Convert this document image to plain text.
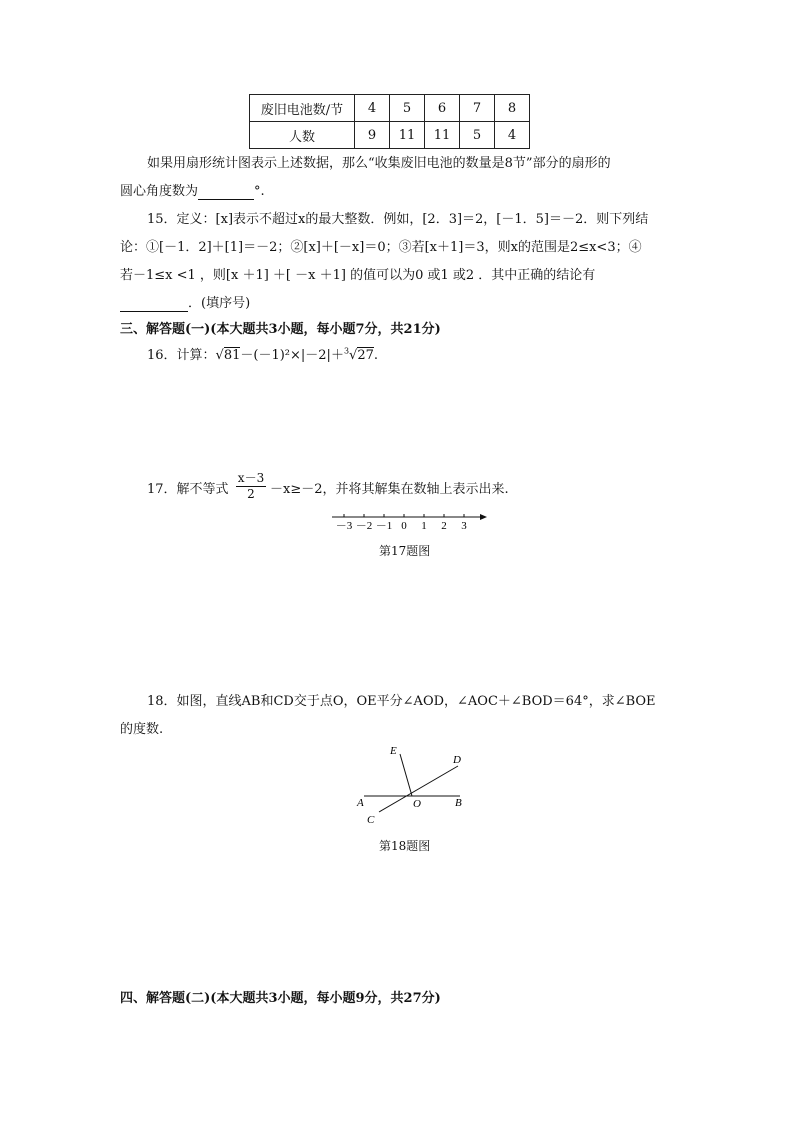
废旧电池数/节	4	5	6	7	8
人数	9	11	11	5	4
如果用扇形统计图表示上述数据，那么“收集废旧电池的数量是8节”部分的扇形的
圆心角度数为	°.
15．定义：[x]表示不超过x的最大整数．例如，[2．3]＝2，[－1．5]＝－2．则下列结
论：①[－1．2]＋[1]＝－2；②[x]＋[－x]＝0；③若[x＋1]＝3，则x的范围是2≤x<3；④
若－1≤x <1 ，则[x ＋1] ＋[ －x ＋1] 的值可以为0 或1 或2 ．其中正确的结论有
．(填序号)
三、解答题(一)(本大题共3小题，每小题7分，共21分)
16．计算：√81－(－1)²×|－2|＋$^3$√27.
17．解不等式
x－3
2	－x≥－2，并将其解集在数轴上表示出来.
－3 －2 －1 0 1 2 3
第17题图
18．如图，直线AB和CD交于点O，OE平分∠AOD，∠AOC＋∠BOD＝64°，求∠BOE
的度数.
E
D
A	O	B
C
第18题图
四、解答题(二)(本大题共3小题，每小题9分，共27分)
